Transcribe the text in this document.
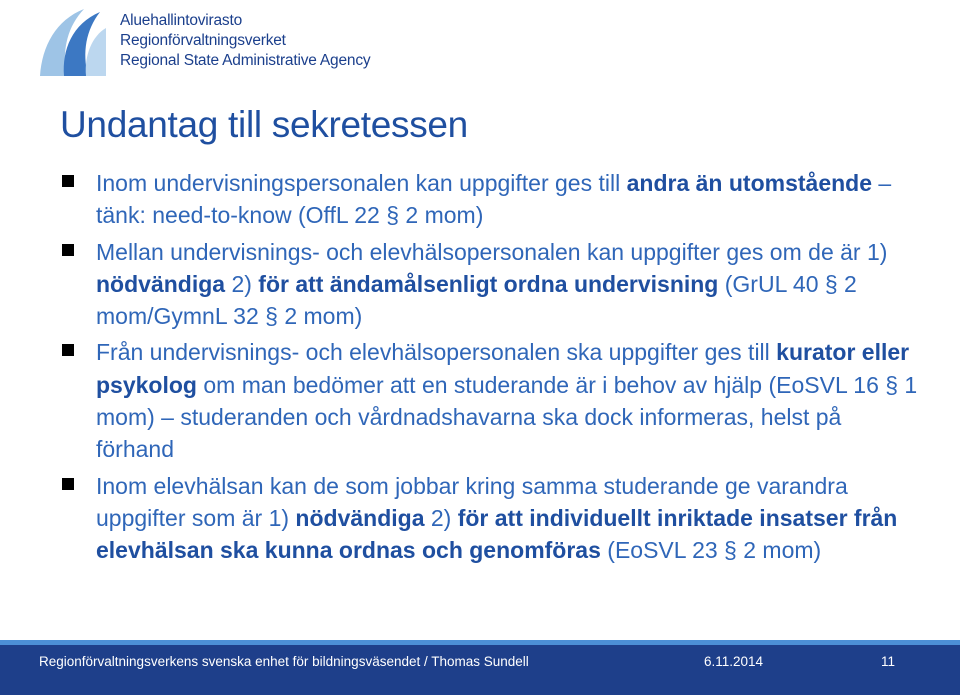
Aluehallintovirasto
Regionförvaltningsverket
Regional State Administrative Agency
Undantag till sekretessen
Inom undervisningspersonalen kan uppgifter ges till andra än utomstående – tänk: need-to-know (OffL 22 § 2 mom)
Mellan undervisnings- och elevhälsopersonalen kan uppgifter ges om de är 1) nödvändiga 2) för att ändamålsenligt ordna undervisning (GrUL 40 § 2 mom/GymnL 32 § 2 mom)
Från undervisnings- och elevhälsopersonalen ska uppgifter ges till kurator eller psykolog om man bedömer att en studerande är i behov av hjälp (EoSVL 16 § 1 mom) – studeranden och vårdnadshavarna ska dock informeras, helst på förhand
Inom elevhälsan kan de som jobbar kring samma studerande ge varandra uppgifter som är 1) nödvändiga 2) för att individuellt inriktade insatser från elevhälsan ska kunna ordnas och genomföras (EoSVL 23 § 2 mom)
Regionförvaltningsverkens svenska enhet för bildningsväsendet / Thomas Sundell	6.11.2014	11
